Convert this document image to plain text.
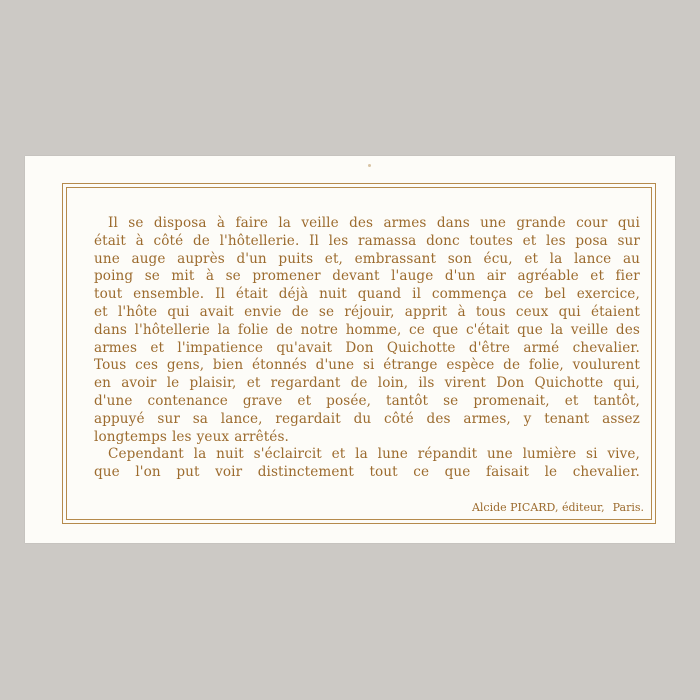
Il se disposa à faire la veille des armes dans une grande cour qui
était à côté de l'hôtellerie. Il les ramassa donc toutes et les posa sur
une auge auprès d'un puits et, embrassant son écu, et la lance au
poing se mit à se promener devant l'auge d'un air agréable et fier
tout ensemble. Il était déjà nuit quand il commença ce bel exercice,
et l'hôte qui avait envie de se réjouir, apprit à tous ceux qui étaient
dans l'hôtellerie la folie de notre homme, ce que c'était que la veille des
armes et l'impatience qu'avait Don Quichotte d'être armé chevalier.
Tous ces gens, bien étonnés d'une si étrange espèce de folie, voulurent
en avoir le plaisir, et regardant de loin, ils virent Don Quichotte qui,
d'une contenance grave et posée, tantôt se promenait, et tantôt,
appuyé sur sa lance, regardait du côté des armes, y tenant assez
longtemps les yeux arrêtés.
Cependant la nuit s'éclaircit et la lune répandit une lumière si vive,
que l'on put voir distinctement tout ce que faisait le chevalier.
Alcide PICARD, éditeur, Paris.
